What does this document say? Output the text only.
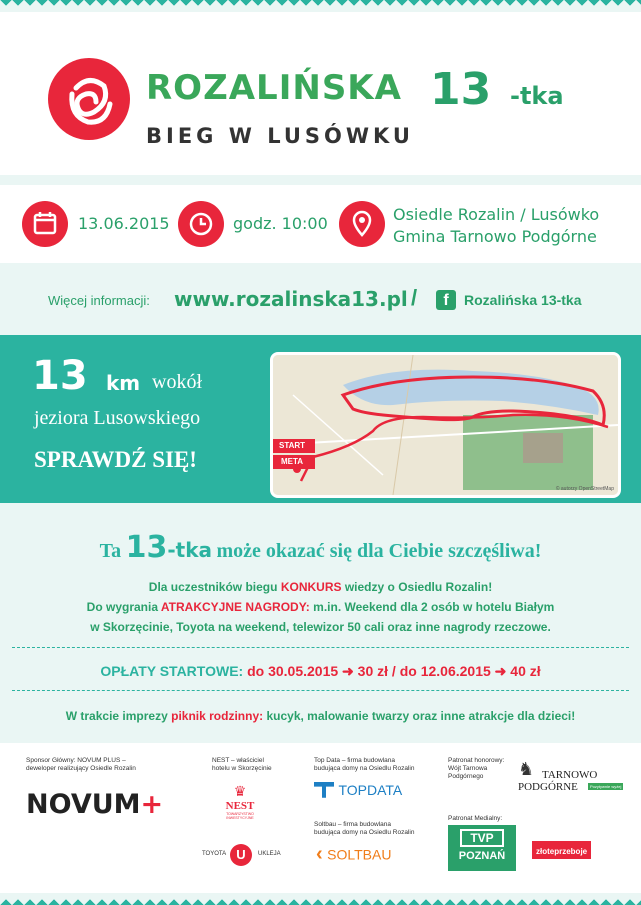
ROZALIŃSKA 13 -tka
BIEG W LUSÓWKU
13.06.2015	godz. 10:00	Osiedle Rozalin / Lusówko
Gmina Tarnowo Podgórne
Więcej informacji: www.rozalinska13.pl /	f	Rozalińska 13-tka
13 km wokół
jeziora Lusowskiego
SPRAWDŹ SIĘ!
START
META
© autorzy OpenStreetMap
Ta 13-tka może okazać się dla Ciebie szczęśliwa!
Dla uczestników biegu KONKURS wiedzy o Osiedlu Rozalin!
Do wygrania ATRAKCYJNE NAGRODY: m.in. Weekend dla 2 osób w hotelu Białym
w Skorzęcinie, Toyota na weekend, telewizor 50 cali oraz inne nagrody rzeczowe.
OPŁATY STARTOWE: do 30.05.2015 ➜ 30 zł / do 12.06.2015 ➜ 40 zł
W trakcie imprezy piknik rodzinny: kucyk, malowanie twarzy oraz inne atrakcje dla dzieci!
Sponsor Główny: NOVUM PLUS –
deweloper realizujący Osiedle Rozalin
NOVUM+
NEST – właściciel
hotelu w Skorzęcinie
♛
NEST
TOWARZYSTWO INWESTYCYJNE
TOYOTA U	UKLEJA
Top Data – firma budowlana
budująca domy na Osiedlu Rozalin
TOPDATA
Soltbau – firma budowlana
budująca domy na Osiedlu Rozalin
‹ SOLTBAU
Patronat honorowy:
Wójt Tarnowa
Podgórnego	♞ TARNOWO
PODGÓRNE	Pozytywnie wyżej
Patronat Medialny:
TVP
POZNAŃ	złoteprzeboje
